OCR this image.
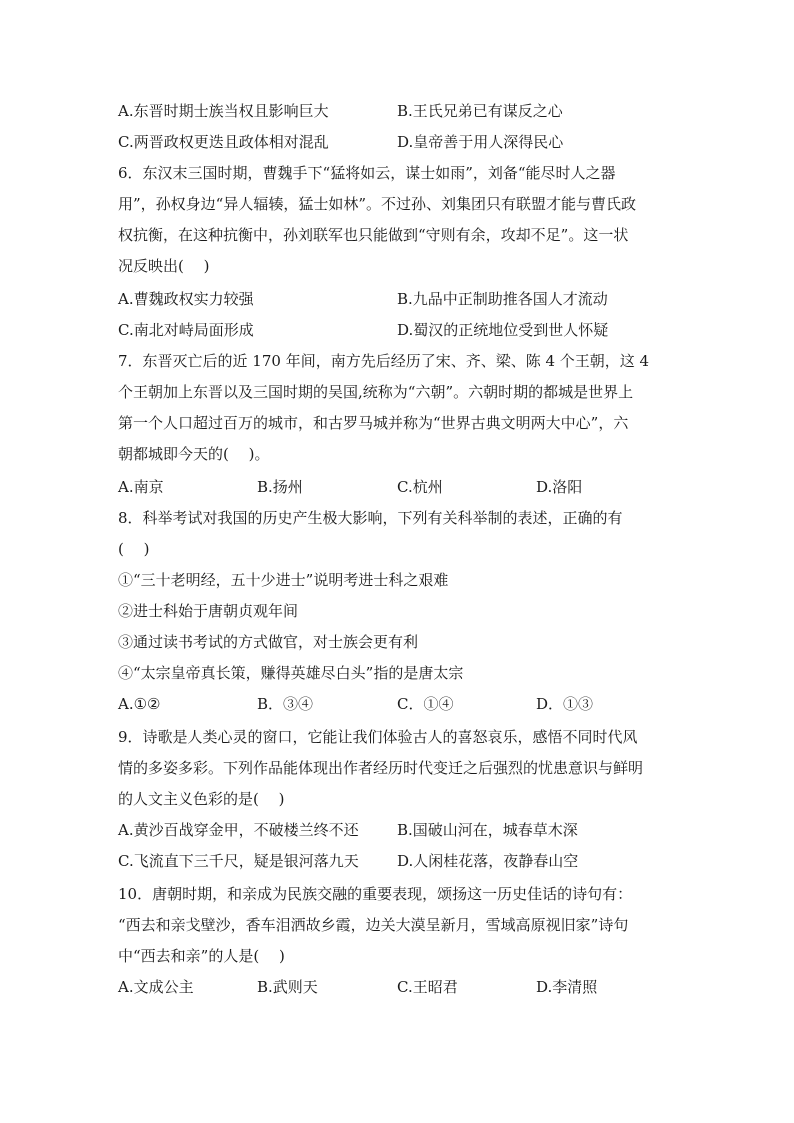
A.东晋时期士族当权且影响巨大	B.王氏兄弟已有谋反之心
C.两晋政权更迭且政体相对混乱	D.皇帝善于用人深得民心

6．东汉末三国时期，曹魏手下“猛将如云，谋士如雨”，刘备“能尽时人之器

用”，孙权身边“异人辐辏，猛士如林”。不过孙、刘集团只有联盟才能与曹氏政

权抗衡，在这种抗衡中，孙刘联军也只能做到“守则有余，攻却不足”。这一状

况反映出(　 )

A.曹魏政权实力较强	B.九品中正制助推各国人才流动
C.南北对峙局面形成	D.蜀汉的正统地位受到世人怀疑

7．东晋灭亡后的近 170 年间，南方先后经历了宋、齐、梁、陈 4 个王朝，这 4

个王朝加上东晋以及三国时期的吴国,统称为“六朝”。六朝时期的都城是世界上

第一个人口超过百万的城市，和古罗马城并称为“世界古典文明两大中心”，六

朝都城即今天的(　 )。

A.南京	B.扬州	C.杭州	D.洛阳

8．科举考试对我国的历史产生极大影响，下列有关科举制的表述，正确的有

(　 )

①“三十老明经，五十少进士”说明考进士科之艰难

②进士科始于唐朝贞观年间

③通过读书考试的方式做官，对士族会更有利

④“太宗皇帝真长策，赚得英雄尽白头”指的是唐太宗

A.①②	B．③④	C．①④	D．①③

9．诗歌是人类心灵的窗口，它能让我们体验古人的喜怒哀乐，感悟不同时代风

情的多姿多彩。下列作品能体现出作者经历时代变迁之后强烈的忧患意识与鲜明

的人文主义色彩的是(　 )

A.黄沙百战穿金甲，不破楼兰终不还	B.国破山河在，城春草木深
C.飞流直下三千尺，疑是银河落九天	D.人闲桂花落，夜静春山空

10．唐朝时期，和亲成为民族交融的重要表现，颂扬这一历史佳话的诗句有：

“西去和亲戈壁沙，香车泪洒故乡霞，边关大漠呈新月，雪域高原视旧家”诗句

中“西去和亲”的人是(　 )

A.文成公主	B.武则天	C.王昭君	D.李清照
